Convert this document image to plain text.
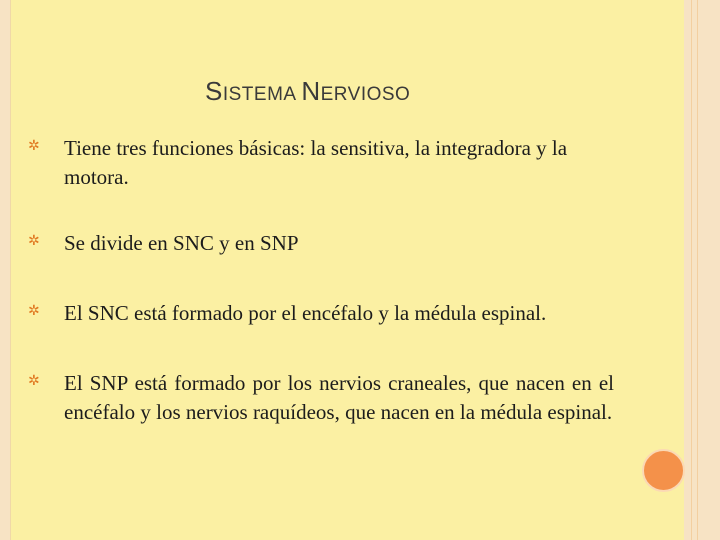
SISTEMA NERVIOSO
✲ Tiene tres funciones básicas: la sensitiva, la integradora y la motora.
✲ Se divide en SNC y en SNP
✲ El SNC está formado por el encéfalo y la médula espinal.
✲ El SNP está formado por los nervios craneales, que nacen en el encéfalo y los nervios raquídeos, que nacen en la médula espinal.
